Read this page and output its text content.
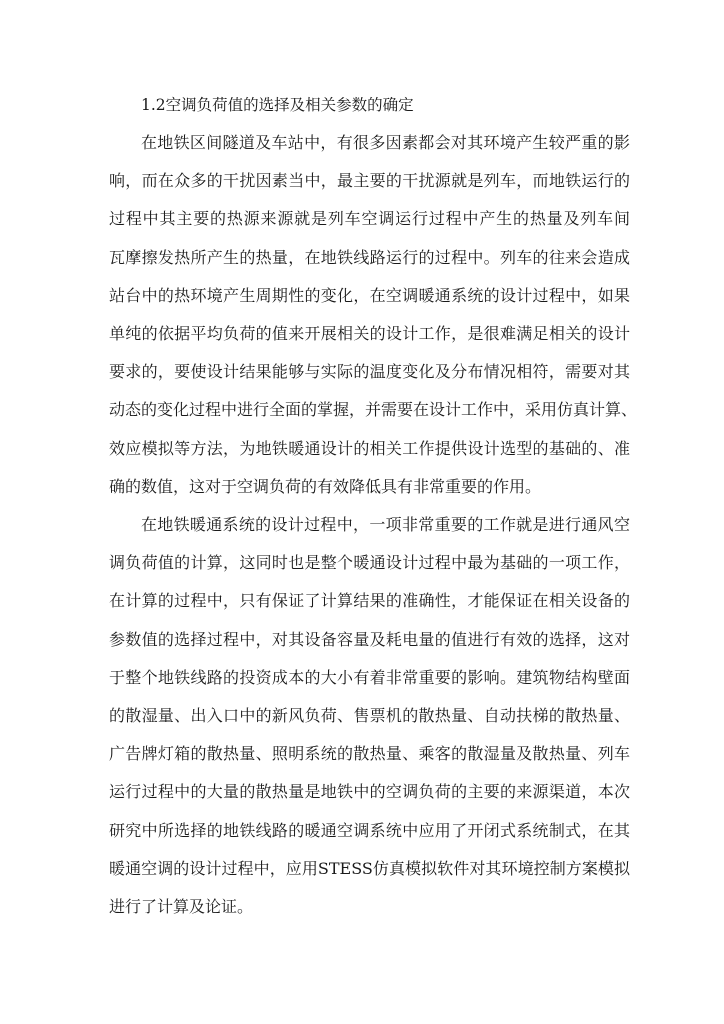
1.2空调负荷值的选择及相关参数的确定

在地铁区间隧道及车站中，有很多因素都会对其环境产生较严重的影
响，而在众多的干扰因素当中，最主要的干扰源就是列车，而地铁运行的
过程中其主要的热源来源就是列车空调运行过程中产生的热量及列车间
瓦摩擦发热所产生的热量，在地铁线路运行的过程中。列车的往来会造成
站台中的热环境产生周期性的变化，在空调暖通系统的设计过程中，如果
单纯的依据平均负荷的值来开展相关的设计工作，是很难满足相关的设计
要求的，要使设计结果能够与实际的温度变化及分布情况相符，需要对其
动态的变化过程中进行全面的掌握，并需要在设计工作中，采用仿真计算、
效应模拟等方法，为地铁暖通设计的相关工作提供设计选型的基础的、准
确的数值，这对于空调负荷的有效降低具有非常重要的作用。

在地铁暖通系统的设计过程中，一项非常重要的工作就是进行通风空
调负荷值的计算，这同时也是整个暖通设计过程中最为基础的一项工作，
在计算的过程中，只有保证了计算结果的准确性，才能保证在相关设备的
参数值的选择过程中，对其设备容量及耗电量的值进行有效的选择，这对
于整个地铁线路的投资成本的大小有着非常重要的影响。建筑物结构壁面
的散湿量、出入口中的新风负荷、售票机的散热量、自动扶梯的散热量、
广告牌灯箱的散热量、照明系统的散热量、乘客的散湿量及散热量、列车
运行过程中的大量的散热量是地铁中的空调负荷的主要的来源渠道，本次
研究中所选择的地铁线路的暖通空调系统中应用了开闭式系统制式，在其
暖通空调的设计过程中，应用STESS仿真模拟软件对其环境控制方案模拟
进行了计算及论证。
